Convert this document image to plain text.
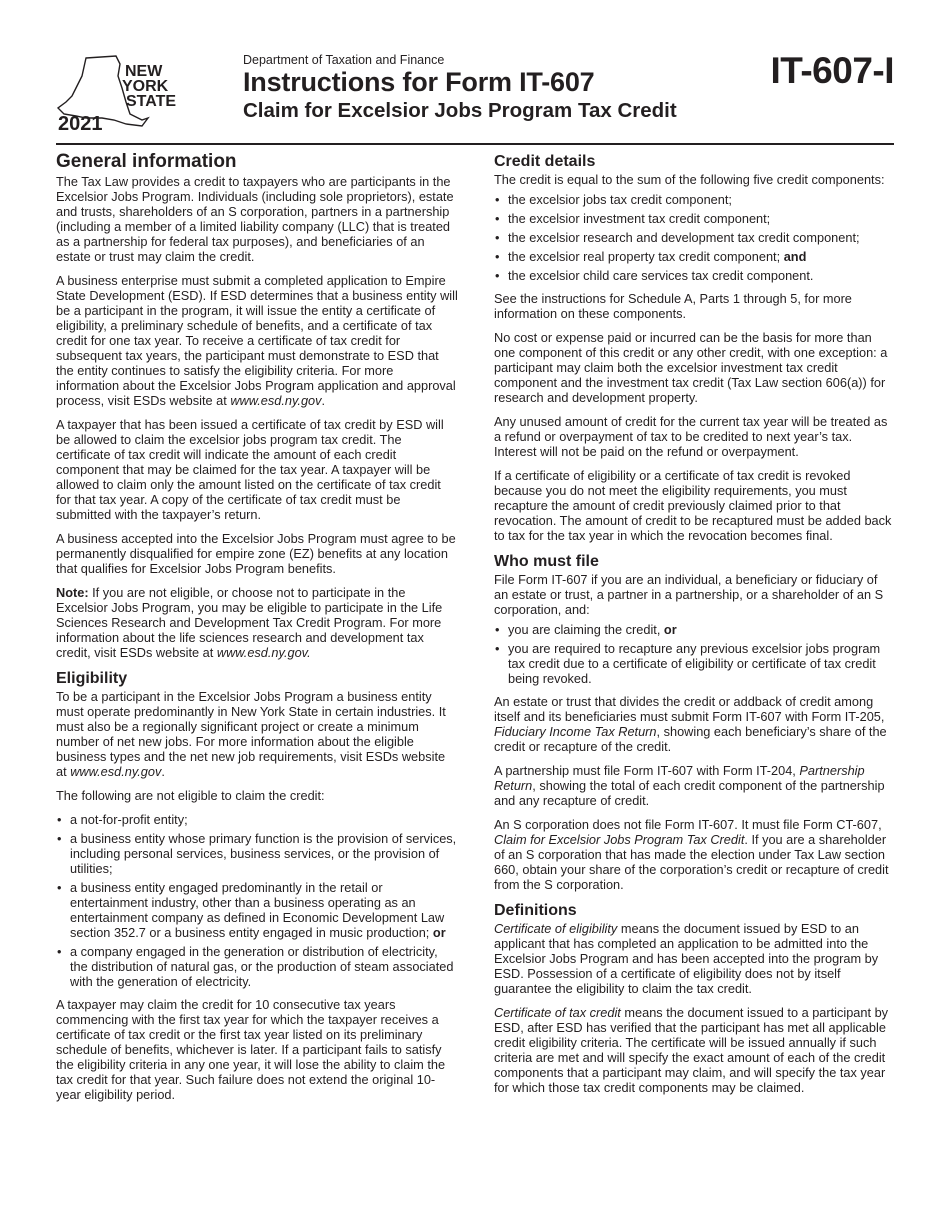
NEW
YORK
STATE
2021
Department of Taxation and Finance
Instructions for Form IT-607
Claim for Excelsior Jobs Program Tax Credit
IT-607-I
General information

The Tax Law provides a credit to taxpayers who are participants in the Excelsior Jobs Program. Individuals (including sole proprietors), estate and trusts, shareholders of an S corporation, partners in a partnership (including a member of a limited liability company (LLC) that is treated as a partnership for federal tax purposes), and beneficiaries of an estate or trust may claim the credit.

A business enterprise must submit a completed application to Empire State Development (ESD). If ESD determines that a business entity will be a participant in the program, it will issue the entity a certificate of eligibility, a preliminary schedule of benefits, and a certificate of tax credit for one tax year. To receive a certificate of tax credit for subsequent tax years, the participant must demonstrate to ESD that the entity continues to satisfy the eligibility criteria. For more information about the Excelsior Jobs Program application and approval process, visit ESDs website at www.esd.ny.gov.

A taxpayer that has been issued a certificate of tax credit by ESD will be allowed to claim the excelsior jobs program tax credit. The certificate of tax credit will indicate the amount of each credit component that may be claimed for the tax year. A taxpayer will be allowed to claim only the amount listed on the certificate of tax credit for that tax year. A copy of the certificate of tax credit must be submitted with the taxpayer’s return.

A business accepted into the Excelsior Jobs Program must agree to be permanently disqualified for empire zone (EZ) benefits at any location that qualifies for Excelsior Jobs Program benefits.

Note: If you are not eligible, or choose not to participate in the Excelsior Jobs Program, you may be eligible to participate in the Life Sciences Research and Development Tax Credit Program. For more information about the life sciences research and development tax credit, visit ESDs website at www.esd.ny.gov.

Eligibility

To be a participant in the Excelsior Jobs Program a business entity must operate predominantly in New York State in certain industries. It must also be a regionally significant project or create a minimum number of net new jobs. For more information about the eligible business types and the net new job requirements, visit ESDs website at www.esd.ny.gov.

The following are not eligible to claim the credit:

• a not-for-profit entity;
• a business entity whose primary function is the provision of services, including personal services, business services, or the provision of utilities;
• a business entity engaged predominantly in the retail or entertainment industry, other than a business operating as an entertainment company as defined in Economic Development Law section 352.7 or a business entity engaged in music production; or
• a company engaged in the generation or distribution of electricity, the distribution of natural gas, or the production of steam associated with the generation of electricity.

A taxpayer may claim the credit for 10 consecutive tax years commencing with the first tax year for which the taxpayer receives a certificate of tax credit or the first tax year listed on its preliminary schedule of benefits, whichever is later. If a participant fails to satisfy the eligibility criteria in any one year, it will lose the ability to claim the tax credit for that year. Such failure does not extend the original 10-year eligibility period.

Credit details

The credit is equal to the sum of the following five credit components:

• the excelsior jobs tax credit component;
• the excelsior investment tax credit component;
• the excelsior research and development tax credit component;
• the excelsior real property tax credit component; and
• the excelsior child care services tax credit component.

See the instructions for Schedule A, Parts 1 through 5, for more information on these components.

No cost or expense paid or incurred can be the basis for more than one component of this credit or any other credit, with one exception: a participant may claim both the excelsior investment tax credit component and the investment tax credit (Tax Law section 606(a)) for research and development property.

Any unused amount of credit for the current tax year will be treated as a refund or overpayment of tax to be credited to next year’s tax. Interest will not be paid on the refund or overpayment.

If a certificate of eligibility or a certificate of tax credit is revoked because you do not meet the eligibility requirements, you must recapture the amount of credit previously claimed prior to that revocation. The amount of credit to be recaptured must be added back to tax for the tax year in which the revocation becomes final.

Who must file

File Form IT-607 if you are an individual, a beneficiary or fiduciary of an estate or trust, a partner in a partnership, or a shareholder of an S corporation, and:

• you are claiming the credit, or
• you are required to recapture any previous excelsior jobs program tax credit due to a certificate of eligibility or certificate of tax credit being revoked.

An estate or trust that divides the credit or addback of credit among itself and its beneficiaries must submit Form IT-607 with Form IT-205, Fiduciary Income Tax Return, showing each beneficiary’s share of the credit or recapture of the credit.

A partnership must file Form IT-607 with Form IT-204, Partnership Return, showing the total of each credit component of the partnership and any recapture of credit.

An S corporation does not file Form IT-607. It must file Form CT-607, Claim for Excelsior Jobs Program Tax Credit. If you are a shareholder of an S corporation that has made the election under Tax Law section 660, obtain your share of the corporation’s credit or recapture of credit from the S corporation.

Definitions

Certificate of eligibility means the document issued by ESD to an applicant that has completed an application to be admitted into the Excelsior Jobs Program and has been accepted into the program by ESD. Possession of a certificate of eligibility does not by itself guarantee the eligibility to claim the tax credit.

Certificate of tax credit means the document issued to a participant by ESD, after ESD has verified that the participant has met all applicable credit eligibility criteria. The certificate will be issued annually if such criteria are met and will specify the exact amount of each of the credit components that a participant may claim, and will specify the tax year for which those tax credit components may be claimed.
